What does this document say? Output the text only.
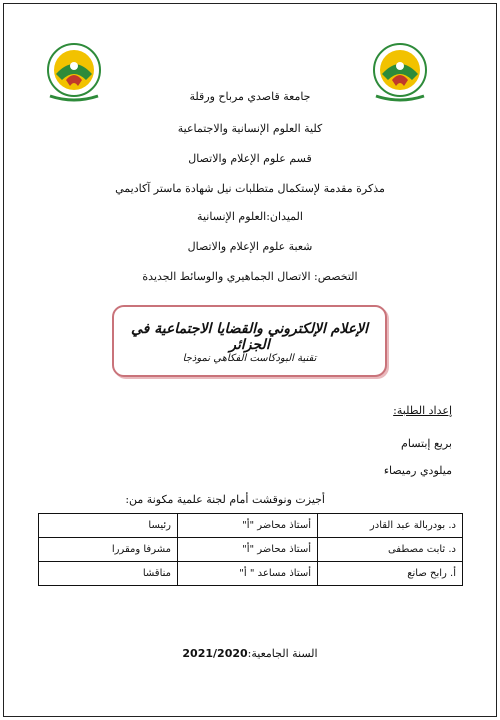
جامعة قاصدي مرباح ورقلة
كلية العلوم الإنسانية والاجتماعية
قسم علوم الإعلام والاتصال
مذكرة مقدمة لإستكمال متطلبات نيل شهادة ماستر آكاديمي
الميدان:العلوم الإنسانية
شعبة علوم الإعلام والاتصال
التخصص: الاتصال الجماهيري والوسائط الجديدة
الإعلام الإلكتروني والقضايا الاجتماعية في الجزائر
تقنية البودكاست الفكاهي نموذجا
إعداد الطلبة:
بريع إبتسام
ميلودي رميصاء
أجيزت ونوقشت أمام لجنة علمية مكونة من:
د. بودربالة عبد القادر	أستاذ محاضر "أ"	رئيسا
د. ثابت مصطفى	أستاذ محاضر "أ"	مشرفا ومقررا
أ. رابح صانع	أستاذ مساعد " أ"	مناقشا
السنة الجامعية:2021/2020
